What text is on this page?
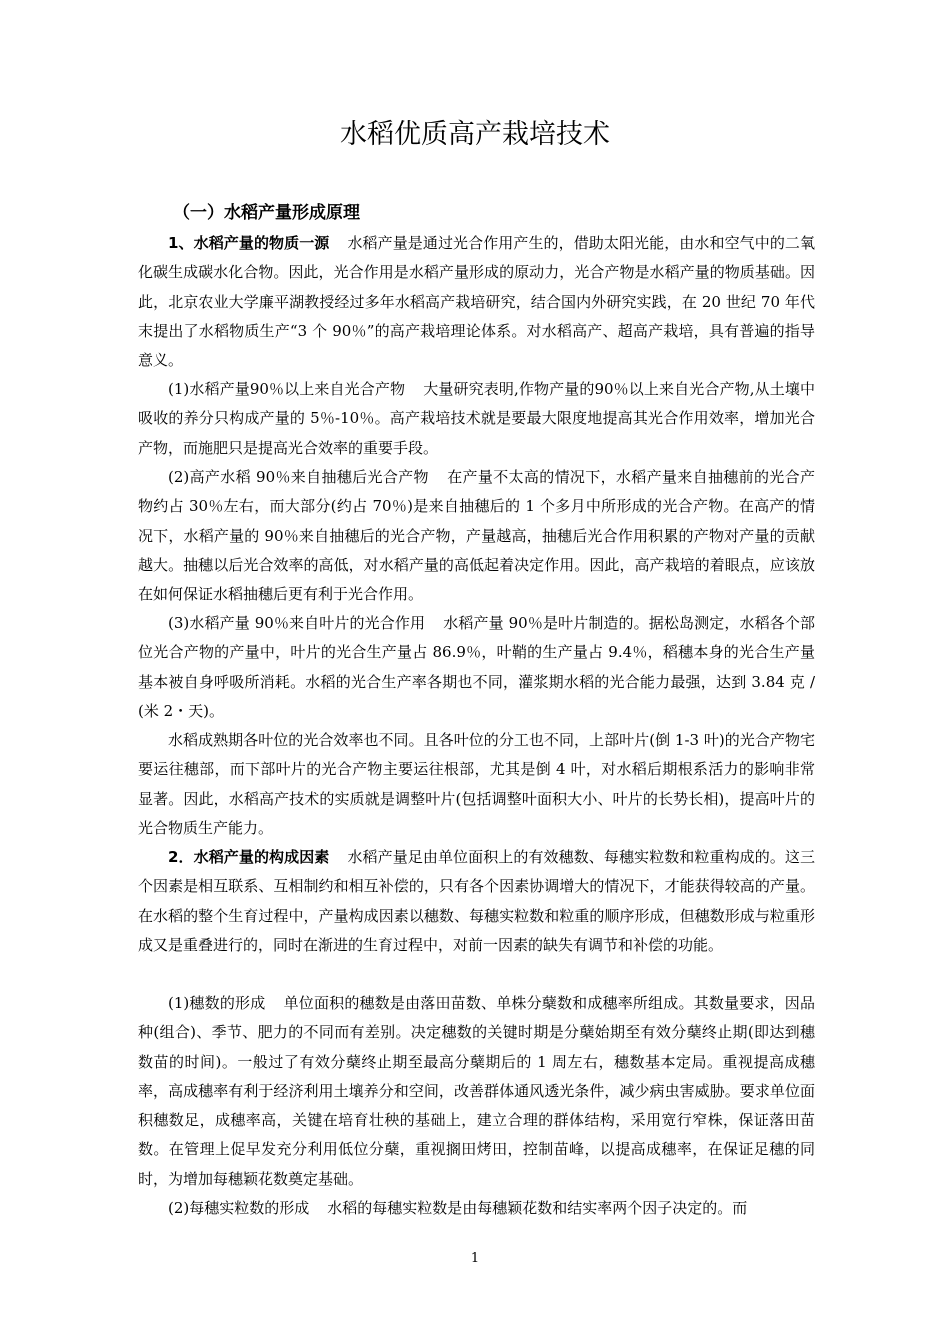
水稻优质高产栽培技术
（一）水稻产量形成原理

1、水稻产量的物质一源 水稻产量是通过光合作用产生的，借助太阳光能，由水和空气中的二氧化碳生成碳水化合物。因此，光合作用是水稻产量形成的原动力，光合产物是水稻产量的物质基础。因此，北京农业大学廉平湖教授经过多年水稻高产栽培研究，结合国内外研究实践，在 20 世纪 70 年代末提出了水稻物质生产“3 个 90％”的高产栽培理论体系。对水稻高产、超高产栽培，具有普遍的指导意义。

(1)水稻产量90％以上来自光合产物 大量研究表明,作物产量的90％以上来自光合产物,从土壤中吸收的养分只构成产量的 5％-10％。高产栽培技术就是要最大限度地提高其光合作用效率，增加光合产物，而施肥只是提高光合效率的重要手段。

(2)高产水稻 90％来自抽穗后光合产物 在产量不太高的情况下，水稻产量来自抽穗前的光合产物约占 30％左右，而大部分(约占 70％)是来自抽穗后的 1 个多月中所形成的光合产物。在高产的情况下，水稻产量的 90％来自抽穗后的光合产物，产量越高，抽穗后光合作用积累的产物对产量的贡献越大。抽穗以后光合效率的高低，对水稻产量的高低起着决定作用。因此，高产栽培的着眼点，应该放在如何保证水稻抽穗后更有利于光合作用。

(3)水稻产量 90％来自叶片的光合作用 水稻产量 90％是叶片制造的。据松岛测定，水稻各个部位光合产物的产量中，叶片的光合生产量占 86.9％，叶鞘的生产量占 9.4％，稻穗本身的光合生产量基本被自身呼吸所消耗。水稻的光合生产率各期也不同，灌浆期水稻的光合能力最强，达到 3.84 克 / (米 2・天)。

水稻成熟期各叶位的光合效率也不同。且各叶位的分工也不同，上部叶片(倒 1-3 叶)的光合产物宅要运往穗部，而下部叶片的光合产物主要运往根部，尤其是倒 4 叶，对水稻后期根系活力的影响非常显著。因此，水稻高产技术的实质就是调整叶片(包括调整叶面积大小、叶片的长势长相)，提高叶片的光合物质生产能力。

2．水稻产量的构成因素 水稻产量足由单位面积上的有效穗数、每穗实粒数和粒重构成的。这三个因素是相互联系、互相制约和相互补偿的，只有各个因素协调增大的情况下，才能获得较高的产量。在水稻的整个生育过程中，产量构成因素以穗数、每穗实粒数和粒重的顺序形成，但穗数形成与粒重形成又是重叠进行的，同时在渐进的生育过程中，对前一因素的缺失有调节和补偿的功能。

(1)穗数的形成 单位面积的穗数是由落田苗数、单株分蘖数和成穗率所组成。其数量要求，因品种(组合)、季节、肥力的不同而有差别。决定穗数的关键时期是分蘖始期至有效分蘖终止期(即达到穗数苗的时间)。一般过了有效分蘖终止期至最高分蘖期后的 1 周左右，穗数基本定局。重视提高成穗率，高成穗率有利于经济利用土壤养分和空间，改善群体通风透光条件，减少病虫害威胁。要求单位面积穗数足，成穗率高，关键在培育壮秧的基础上，建立合理的群体结构，采用宽行窄株，保证落田苗数。在管理上促早发充分利用低位分蘖，重视搁田烤田，控制苗峰，以提高成穗率，在保证足穗的同时，为增加每穗颖花数奠定基础。

(2)每穗实粒数的形成 水稻的每穗实粒数是由每穗颖花数和结实率两个因子决定的。而

1
